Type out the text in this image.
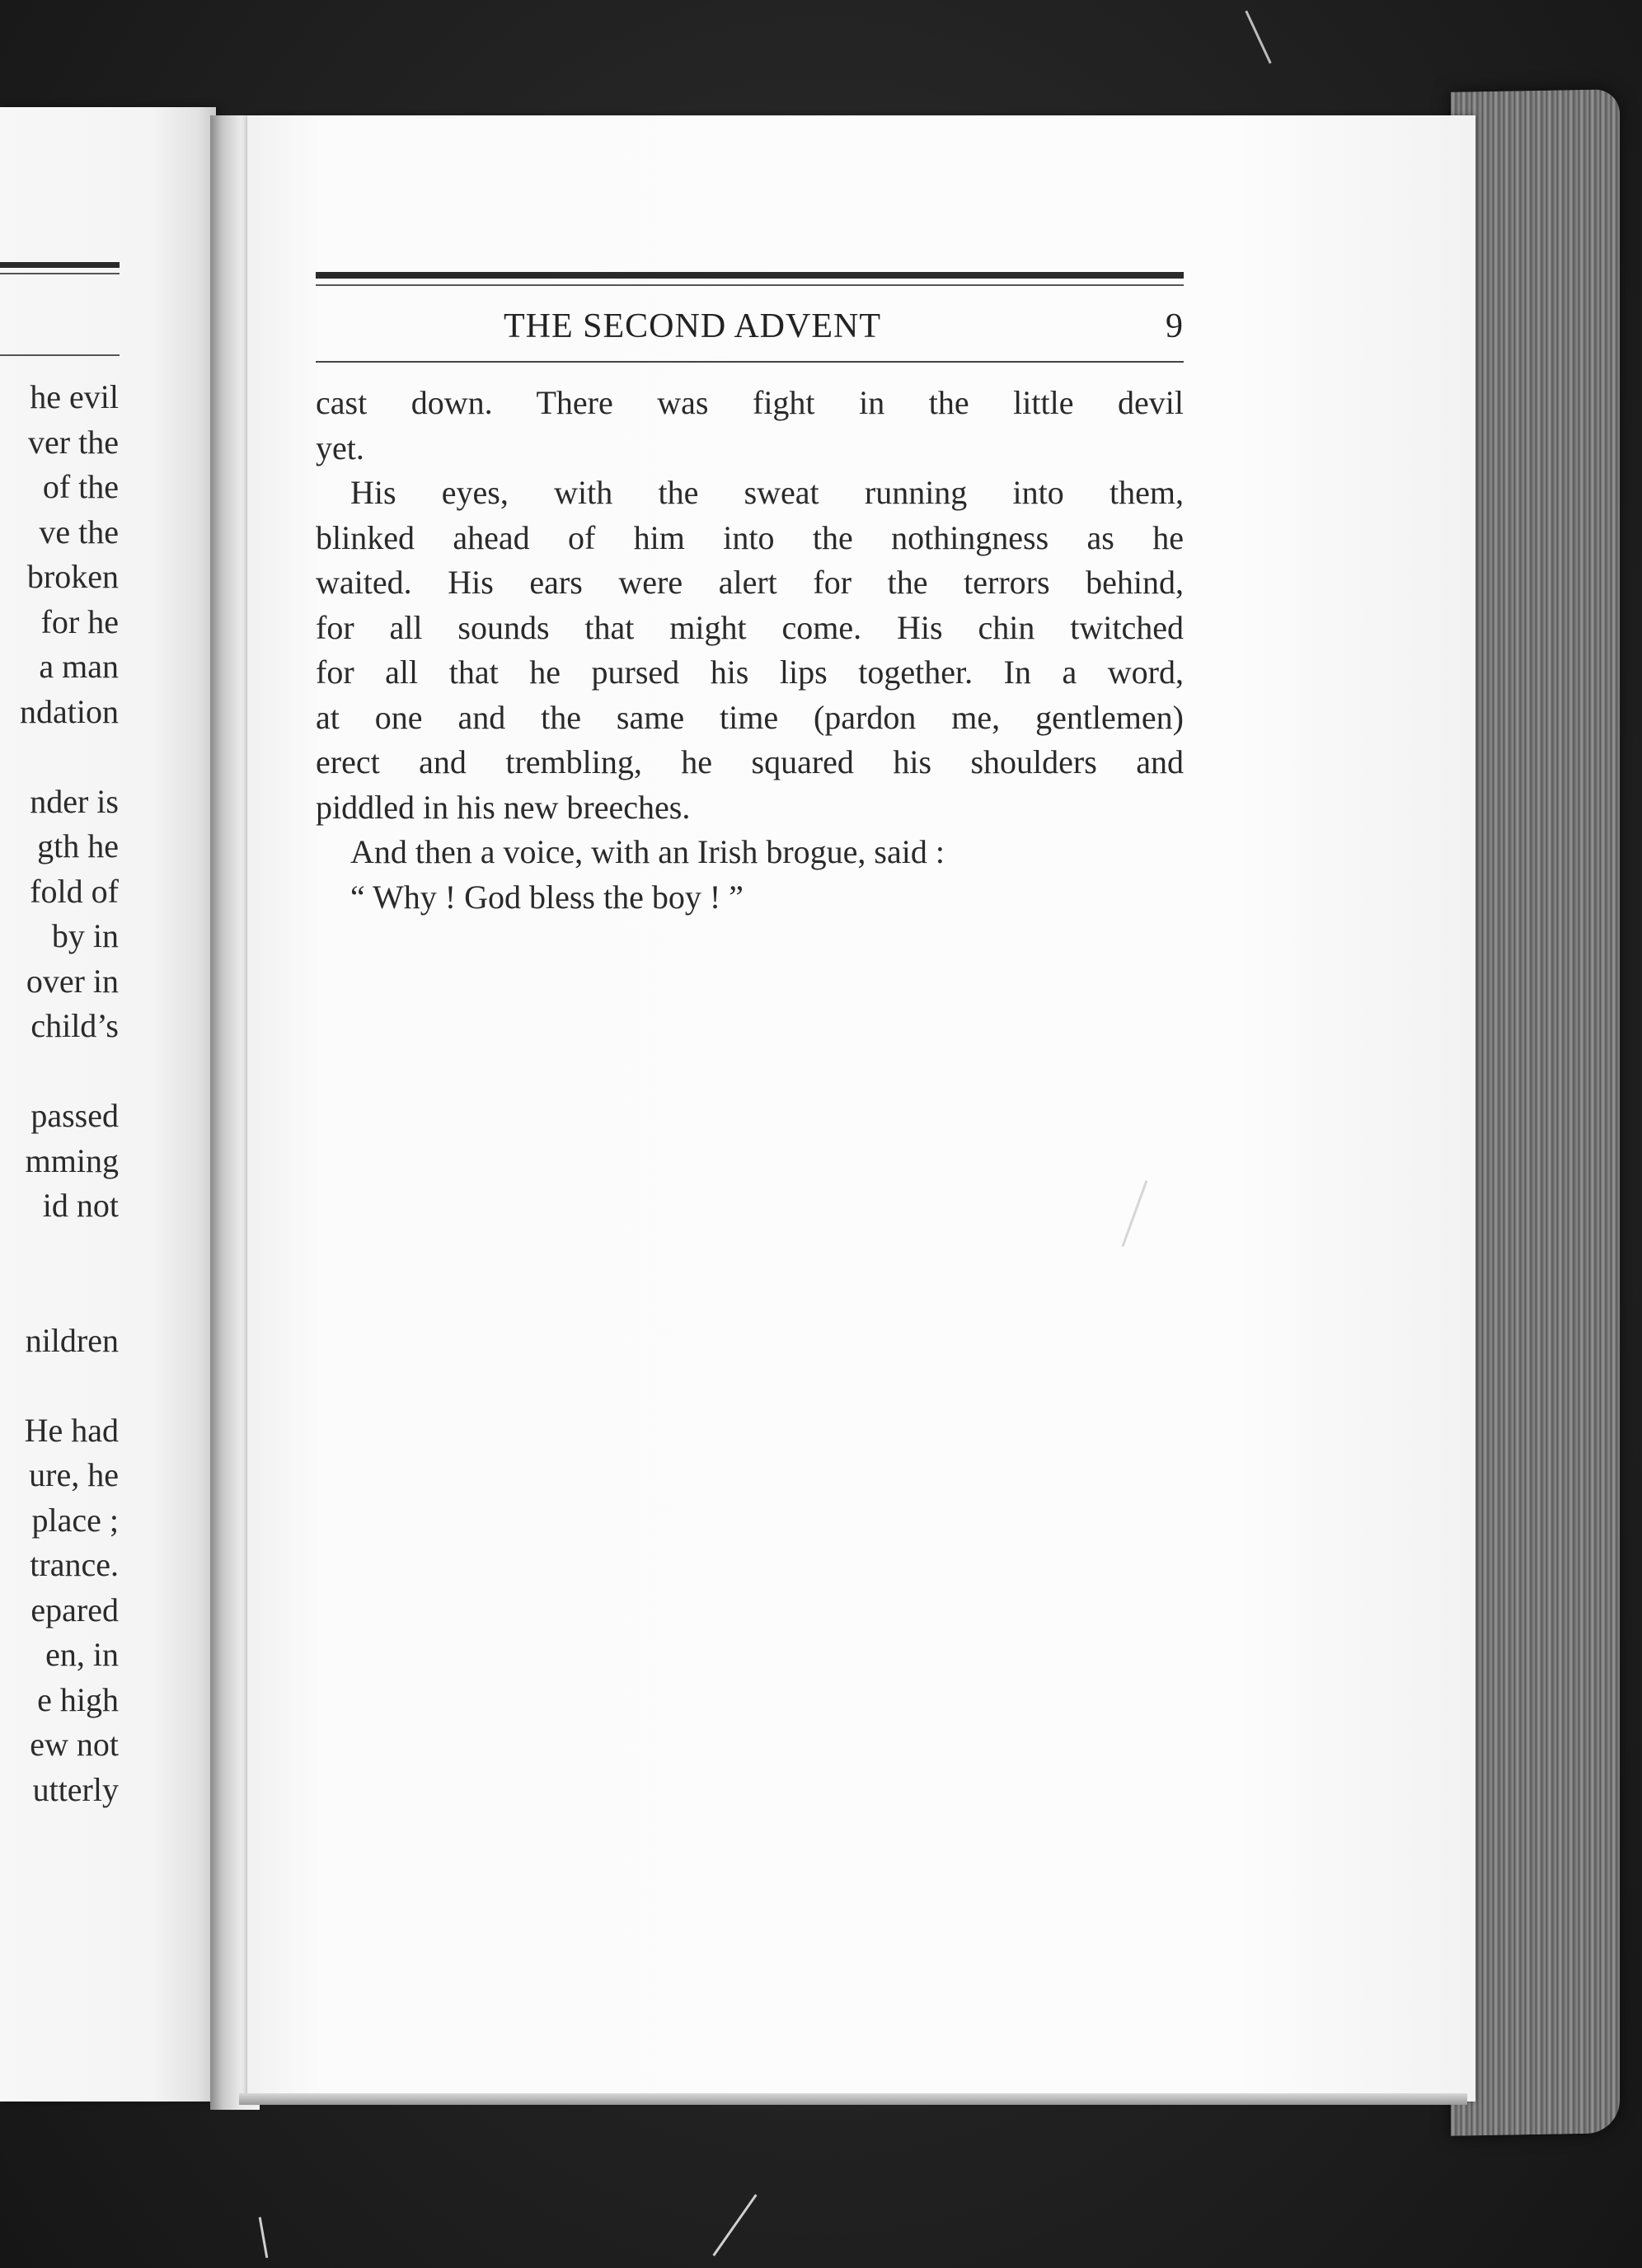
he evil
ver the
of the
ve the
broken
for he
a man
ndation
nder is
gth he
fold of
by in
over in
child’s
passed
mming
id not
nildren
He had
ure, he
place ;
trance.
epared
en, in
e high
ew not
utterly
THE SECOND ADVENT	9
cast down. There was fight in the little devil
yet.
His eyes, with the sweat running into them,
blinked ahead of him into the nothingness as he
waited. His ears were alert for the terrors behind,
for all sounds that might come. His chin twitched
for all that he pursed his lips together. In a word,
at one and the same time (pardon me, gentlemen)
erect and trembling, he squared his shoulders and
piddled in his new breeches.
And then a voice, with an Irish brogue, said :
“ Why ! God bless the boy ! ”
